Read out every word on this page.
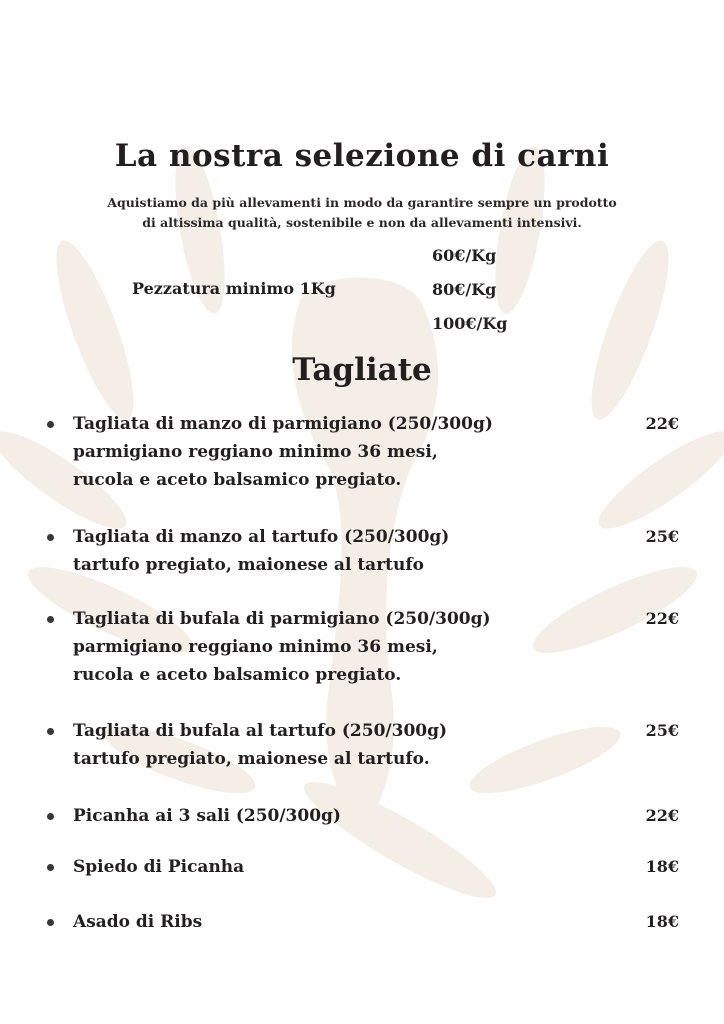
La nostra selezione di carni
Aquistiamo da più allevamenti in modo da garantire sempre un prodotto
di altissima qualità, sostenibile e non da allevamenti intensivi.
Pezzatura minimo 1Kg
60€/Kg
80€/Kg
100€/Kg
Tagliate
Tagliata di manzo di parmigiano (250/300g)
parmigiano reggiano minimo 36 mesi,
rucola e aceto balsamico pregiato.
22€
Tagliata di manzo al tartufo (250/300g)
tartufo pregiato, maionese al tartufo
25€
Tagliata di bufala di parmigiano (250/300g)
parmigiano reggiano minimo 36 mesi,
rucola e aceto balsamico pregiato.
22€
Tagliata di bufala al tartufo (250/300g)
tartufo pregiato, maionese al tartufo.
25€
Picanha ai 3 sali (250/300g)	22€
Spiedo di Picanha	18€
Asado di Ribs	18€
